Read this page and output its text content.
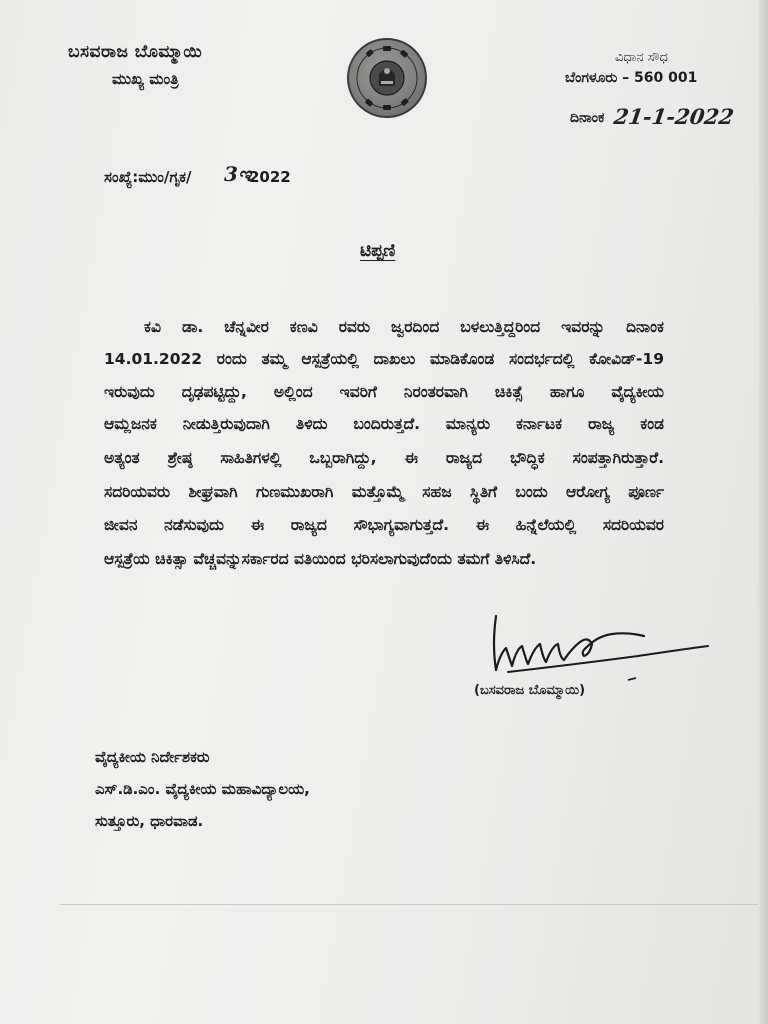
ಬಸವರಾಜ ಬೊಮ್ಮಾಯಿ
ಮುಖ್ಯ ಮಂತ್ರಿ
ವಿಧಾನ ಸೌಧ
ಬೆಂಗಳೂರು – 560 001
ದಿನಾಂಕ 21-1-2022
ಸಂಖ್ಯೆ:ಮುಂ/ಗೃಕ/ 3ಇ
2022
ಟಿಪ್ಪಣಿ
ಕವಿ ಡಾ. ಚೆನ್ನವೀರ ಕಣವಿ ರವರು ಜ್ವರದಿಂದ ಬಳಲುತ್ತಿದ್ದರಿಂದ ಇವರನ್ನು ದಿನಾಂಕ
14.01.2022 ರಂದು ತಮ್ಮ ಆಸ್ಪತ್ರೆಯಲ್ಲಿ ದಾಖಲು ಮಾಡಿಕೊಂಡ ಸಂದರ್ಭದಲ್ಲಿ ಕೋವಿಡ್-19
ಇರುವುದು ದೃಢಪಟ್ಟಿದ್ದು, ಅಲ್ಲಿಂದ ಇವರಿಗೆ ನಿರಂತರವಾಗಿ ಚಿಕಿತ್ಸೆ ಹಾಗೂ ವೈದ್ಯಕೀಯ
ಆಮ್ಲಜನಕ ನೀಡುತ್ತಿರುವುದಾಗಿ ತಿಳಿದು ಬಂದಿರುತ್ತದೆ. ಮಾನ್ಯರು ಕರ್ನಾಟಕ ರಾಜ್ಯ ಕಂಡ
ಅತ್ಯಂತ ಶ್ರೇಷ್ಠ ಸಾಹಿತಿಗಳಲ್ಲಿ ಒಬ್ಬರಾಗಿದ್ದು, ಈ ರಾಜ್ಯದ ಭೌದ್ಧಿಕ ಸಂಪತ್ತಾಗಿರುತ್ತಾರೆ.
ಸದರಿಯವರು ಶೀಘ್ರವಾಗಿ ಗುಣಮುಖರಾಗಿ ಮತ್ತೊಮ್ಮೆ ಸಹಜ ಸ್ಥಿತಿಗೆ ಬಂದು ಆರೋಗ್ಯ ಪೂರ್ಣ
ಜೀವನ ನಡೆಸುವುದು ಈ ರಾಜ್ಯದ ಸೌಭಾಗ್ಯವಾಗುತ್ತದೆ. ಈ ಹಿನ್ನೆಲೆಯಲ್ಲಿ ಸದರಿಯವರ
ಆಸ್ಪತ್ರೆಯ ಚಿಕಿತ್ಸಾ ವೆಚ್ಚವನ್ನುಸರ್ಕಾರದ ವತಿಯಿಂದ ಭರಿಸಲಾಗುವುದೆಂದು ತಮಗೆ ತಿಳಿಸಿದೆ.
(ಬಸವರಾಜ ಬೊಮ್ಮಾಯಿ)
ವೈದ್ಯಕೀಯ ನಿರ್ದೇಶಕರು
ಎಸ್.ಡಿ.ಎಂ. ವೈದ್ಯಕೀಯ ಮಹಾವಿದ್ಯಾಲಯ,
ಸುತ್ತೂರು, ಧಾರವಾಡ.
